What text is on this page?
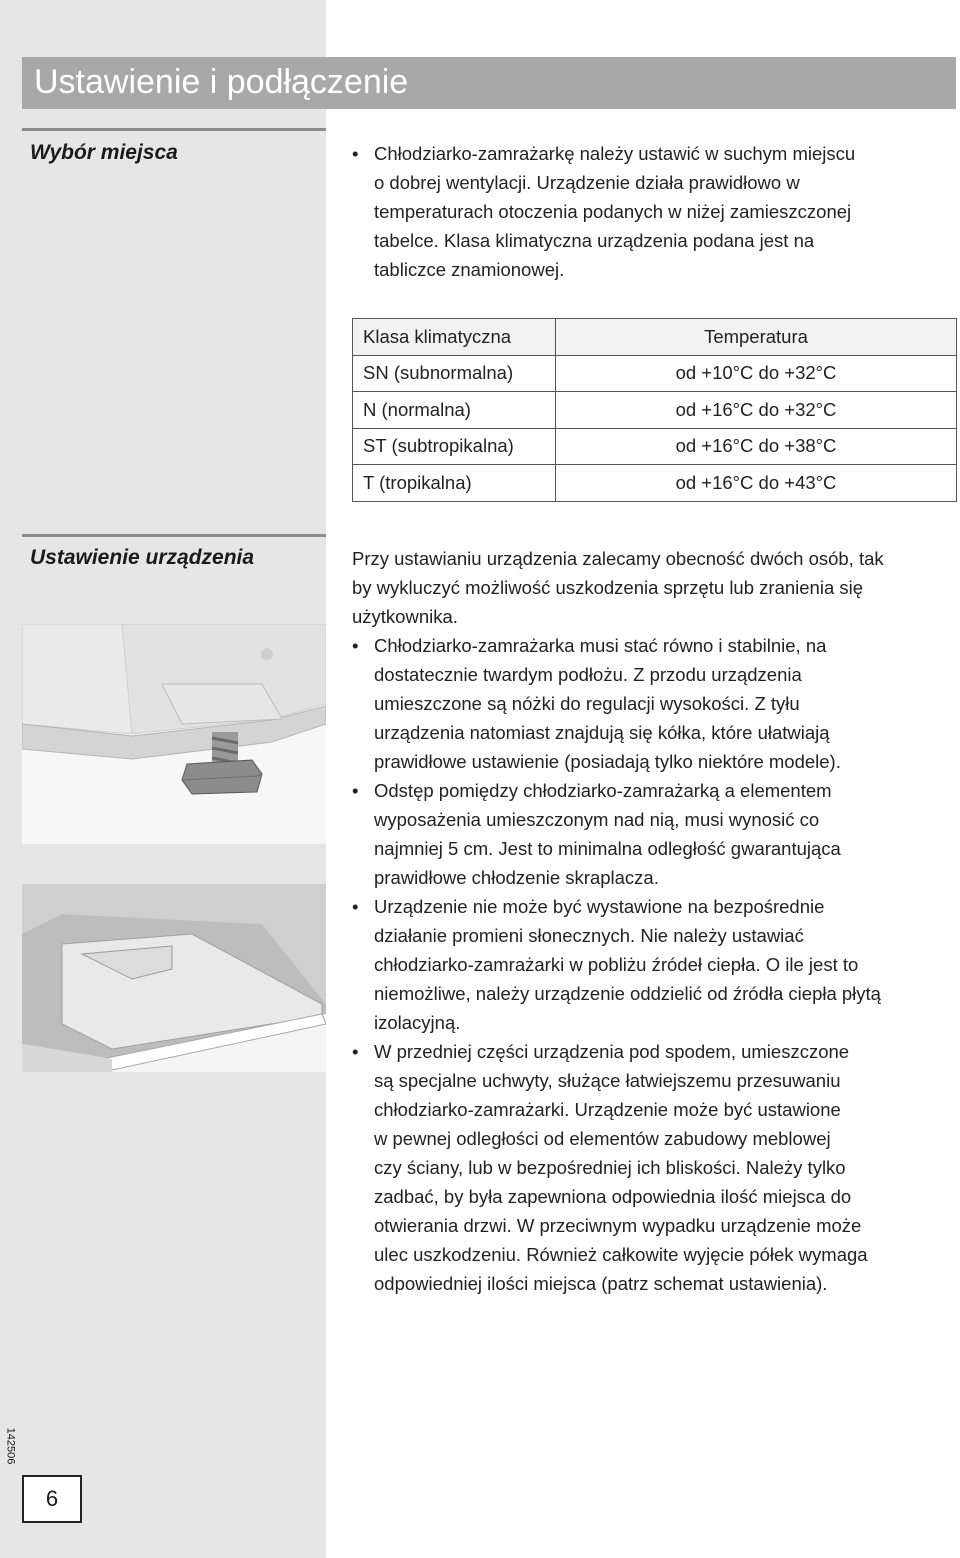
Ustawienie i podłączenie
Wybór miejsca	• Chłodziarko-zamrażarkę należy ustawić w suchym miejscu
o dobrej wentylacji. Urządzenie działa prawidłowo w
temperaturach otoczenia podanych w niżej zamieszczonej
tabelce. Klasa klimatyczna urządzenia podana jest na
tabliczce znamionowej.
Klasa klimatyczna	Temperatura
SN (subnormalna)	od +10°C do +32°C
N (normalna)	od +16°C do +32°C
ST (subtropikalna)	od +16°C do +38°C
T (tropikalna)	od +16°C do +43°C
Ustawienie urządzenia	Przy ustawianiu urządzenia zalecamy obecność dwóch osób, tak

by wykluczyć możliwość uszkodzenia sprzętu lub zranienia się

użytkownika.

• Chłodziarko-zamrażarka musi stać równo i stabilnie, na
dostatecznie twardym podłożu. Z przodu urządzenia
umieszczone są nóżki do regulacji wysokości. Z tyłu
urządzenia natomiast znajdują się kółka, które ułatwiają
prawidłowe ustawienie (posiadają tylko niektóre modele).
• Odstęp pomiędzy chłodziarko-zamrażarką a elementem
wyposażenia umieszczonym nad nią, musi wynosić co
najmniej 5 cm. Jest to minimalna odległość gwarantująca
prawidłowe chłodzenie skraplacza.
• Urządzenie nie może być wystawione na bezpośrednie
działanie promieni słonecznych. Nie należy ustawiać
chłodziarko-zamrażarki w pobliżu źródeł ciepła. O ile jest to
niemożliwe, należy urządzenie oddzielić od źródła ciepła płytą
izolacyjną.
• W przedniej części urządzenia pod spodem, umieszczone
są specjalne uchwyty, służące łatwiejszemu przesuwaniu
chłodziarko-zamrażarki. Urządzenie może być ustawione
w pewnej odległości od elementów zabudowy meblowej
czy ściany, lub w bezpośredniej ich bliskości. Należy tylko
zadbać, by była zapewniona odpowiednia ilość miejsca do
otwierania drzwi. W przeciwnym wypadku urządzenie może
ulec uszkodzeniu. Również całkowite wyjęcie półek wymaga
odpowiedniej ilości miejsca (patrz schemat ustawienia).
142506
6
